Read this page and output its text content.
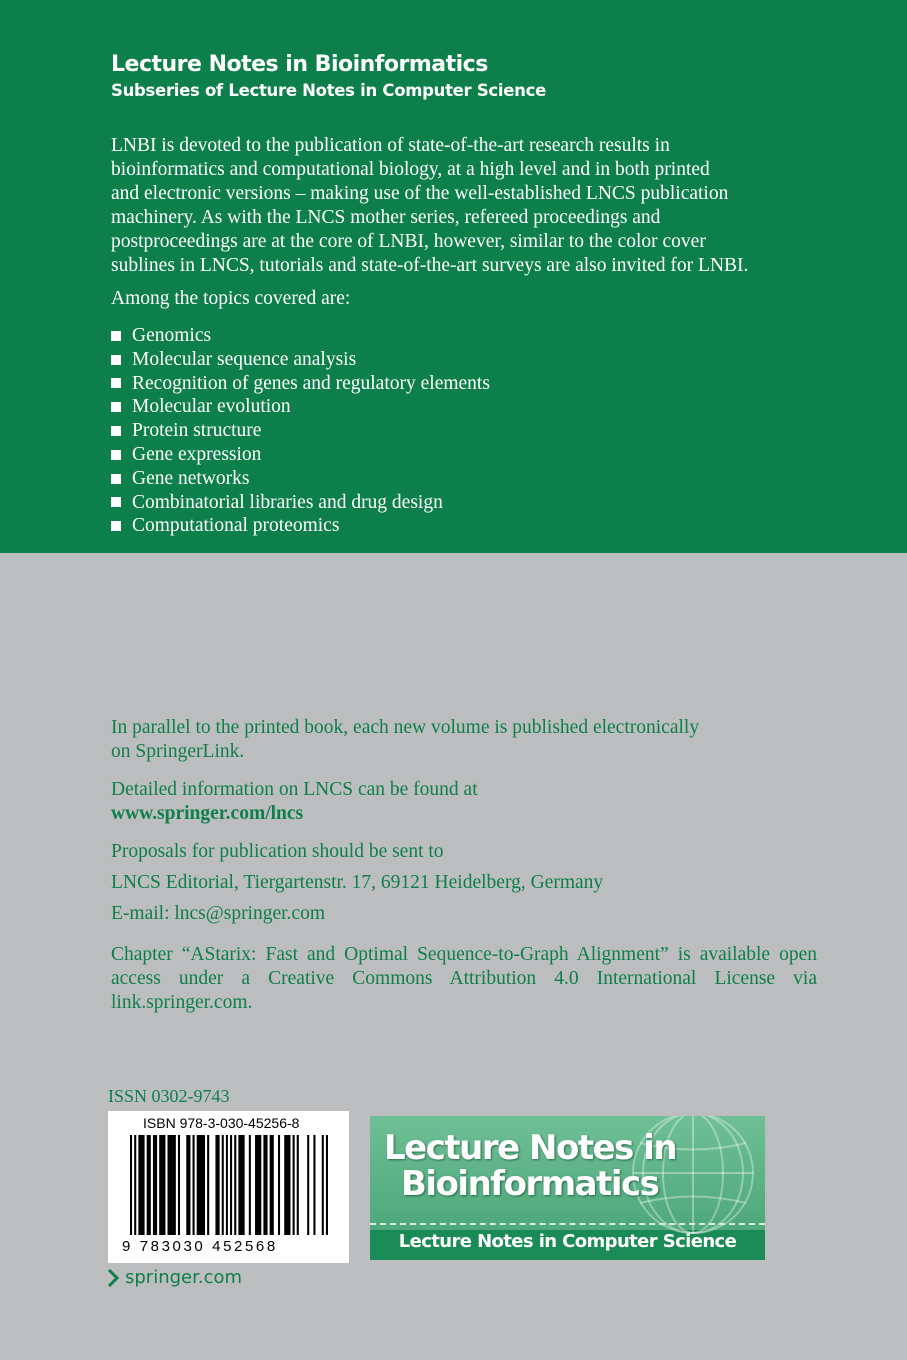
Lecture Notes in Bioinformatics
Subseries of Lecture Notes in Computer Science
LNBI is devoted to the publication of state-of-the-art research results in
bioinformatics and computational biology, at a high level and in both printed
and electronic versions – making use of the well-established LNCS publication
machinery. As with the LNCS mother series, refereed proceedings and
postproceedings are at the core of LNBI, however, similar to the color cover
sublines in LNCS, tutorials and state-of-the-art surveys are also invited for LNBI.
Among the topics covered are:
Genomics
Molecular sequence analysis
Recognition of genes and regulatory elements
Molecular evolution
Protein structure
Gene expression
Gene networks
Combinatorial libraries and drug design
Computational proteomics
In parallel to the printed book, each new volume is published electronically
on SpringerLink.
Detailed information on LNCS can be found at
www.springer.com/lncs
Proposals for publication should be sent to
LNCS Editorial, Tiergartenstr. 17, 69121 Heidelberg, Germany
E-mail: lncs@springer.com
Chapter “AStarix: Fast and Optimal Sequence-to-Graph Alignment” is available open access under a Creative Commons Attribution 4.0 International License via link.springer.com.
ISSN 0302-9743
ISBN 978-3-030-45256-8
9 783030 452568
springer.com
Lecture Notes in
Bioinformatics
Lecture Notes in Computer Science
